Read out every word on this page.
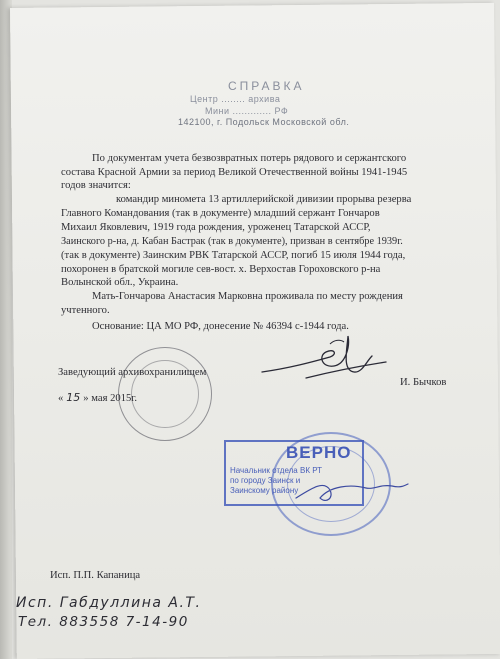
СПРАВКА
Центр ........ архива
Мини ............. РФ
142100, г. Подольск Московской обл.
По документам учета безвозвратных потерь рядового и сержантского
состава Красной Армии за период Великой Отечественной войны 1941-1945
годов значится:
командир миномета 13 артиллерийской дивизии прорыва резерва
Главного Командования (так в документе) младший сержант Гончаров
Михаил Яковлевич, 1919 года рождения, уроженец Татарской АССР,
Заинского р-на, д. Кабан Бастрак (так в документе), призван в сентябре 1939г.
(так в документе) Заинским РВК Татарской АССР, погиб 15 июля 1944 года,
похоронен в братской могиле сев-вост. х. Верхостав Гороховского р-на
Волынской обл., Украина.
Мать-Гончарова Анастасия Марковна проживала по месту рождения
учтенного.
Основание: ЦА МО РФ, донесение № 46394 с-1944 года.
Заведующий архивохранилищем
И. Бычков
« 15 » мая 2015г.
ВЕРНО
Начальник отдела ВК РТ
по городу Заинск и
Заинскому району
Исп. П.П. Капаница
Исп. Габдуллина А.Т.
Тел. 883558 7-14-90
